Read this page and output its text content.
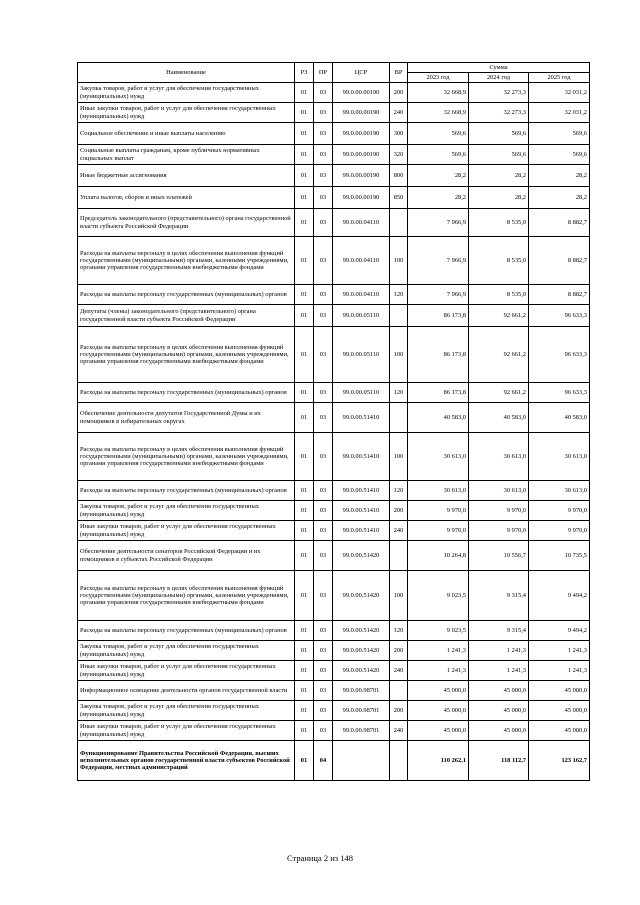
Наименование	РЗ	ПР	ЦСР	ВР	Сумма		
					2023 год	2024 год	2025 год
Закупка товаров, работ и услуг для обеспечения государственных (муниципальных) нужд	01	03	99.0.00.00190	200	32 668,9	32 273,3	32 031,2
Иные закупки товаров, работ и услуг для обеспечения государственных (муниципальных) нужд	01	03	99.0.00.00190	240	32 668,9	32 273,3	32 031,2
Социальное обеспечение и иные выплаты населению	01	03	99.0.00.00190	300	569,6	569,6	569,6
Социальные выплаты гражданам, кроме публичных нормативных социальных выплат	01	03	99.0.00.00190	320	569,6	569,6	569,6
Иные бюджетные ассигнования	01	03	99.0.00.00190	800	28,2	28,2	28,2
Уплата налогов, сборов и иных платежей	01	03	99.0.00.00190	850	28,2	28,2	28,2
Председатель законодательного (представительного) органа государственной власти субъекта Российской Федерации	01	03	99.0.00.04110		7 966,9	8 535,0	8 882,7
Расходы на выплаты персоналу в целях обеспечения выполнения функций государственными (муниципальными) органами, казенными учреждениями, органами управления государственными внебюджетными фондами	01	03	99.0.00.04110	100	7 966,9	8 535,0	8 882,7
Расходы на выплаты персоналу государственных (муниципальных) органов	01	03	99.0.00.04110	120	7 966,9	8 535,0	8 882,7
Депутаты (члены) законодательного (представительного) органа государственной власти субъекта Российской Федерации	01	03	99.0.00.05110		86 173,8	92 661,2	96 633,3
Расходы на выплаты персоналу в целях обеспечения выполнения функций государственными (муниципальными) органами, казенными учреждениями, органами управления государственными внебюджетными фондами	01	03	99.0.00.05110	100	86 173,8	92 661,2	96 633,3
Расходы на выплаты персоналу государственных (муниципальных) органов	01	03	99.0.00.05110	120	86 173,8	92 661,2	96 633,3
Обеспечение деятельности депутатов Государственной Думы и их помощников в избирательных округах	01	03	99.0.00.51410		40 583,0	40 583,0	40 583,0
Расходы на выплаты персоналу в целях обеспечения выполнения функций государственными (муниципальными) органами, казенными учреждениями, органами управления государственными внебюджетными фондами	01	03	99.0.00.51410	100	30 613,0	30 613,0	30 613,0
Расходы на выплаты персоналу государственных (муниципальных) органов	01	03	99.0.00.51410	120	30 613,0	30 613,0	30 613,0
Закупка товаров, работ и услуг для обеспечения государственных (муниципальных) нужд	01	03	99.0.00.51410	200	9 970,0	9 970,0	9 970,0
Иные закупки товаров, работ и услуг для обеспечения государственных (муниципальных) нужд	01	03	99.0.00.51410	240	9 970,0	9 970,0	9 970,0
Обеспечение деятельности сенаторов Российской Федерации и их помощников в субъектах Российской Федерации	01	03	99.0.00.51420		10 264,8	10 556,7	10 735,5
Расходы на выплаты персоналу в целях обеспечения выполнения функций государственными (муниципальными) органами, казенными учреждениями, органами управления государственными внебюджетными фондами	01	03	99.0.00.51420	100	9 023,5	9 315,4	9 494,2
Расходы на выплаты персоналу государственных (муниципальных) органов	01	03	99.0.00.51420	120	9 023,5	9 315,4	9 494,2
Закупка товаров, работ и услуг для обеспечения государственных (муниципальных) нужд	01	03	99.0.00.51420	200	1 241,3	1 241,3	1 241,3
Иные закупки товаров, работ и услуг для обеспечения государственных (муниципальных) нужд	01	03	99.0.00.51420	240	1 241,3	1 241,3	1 241,3
Информационное освещение деятельности органов государственной власти	01	03	99.0.00.98701		45 000,0	45 000,0	45 000,0
Закупка товаров, работ и услуг для обеспечения государственных (муниципальных) нужд	01	03	99.0.00.98701	200	45 000,0	45 000,0	45 000,0
Иные закупки товаров, работ и услуг для обеспечения государственных (муниципальных) нужд	01	03	99.0.00.98701	240	45 000,0	45 000,0	45 000,0
Функционирование Правительства Российской Федерации, высших исполнительных органов государственной власти субъектов Российской Федерации, местных администраций	01	04			110 262,1	118 112,7	123 162,7
Страница 2 из 148
